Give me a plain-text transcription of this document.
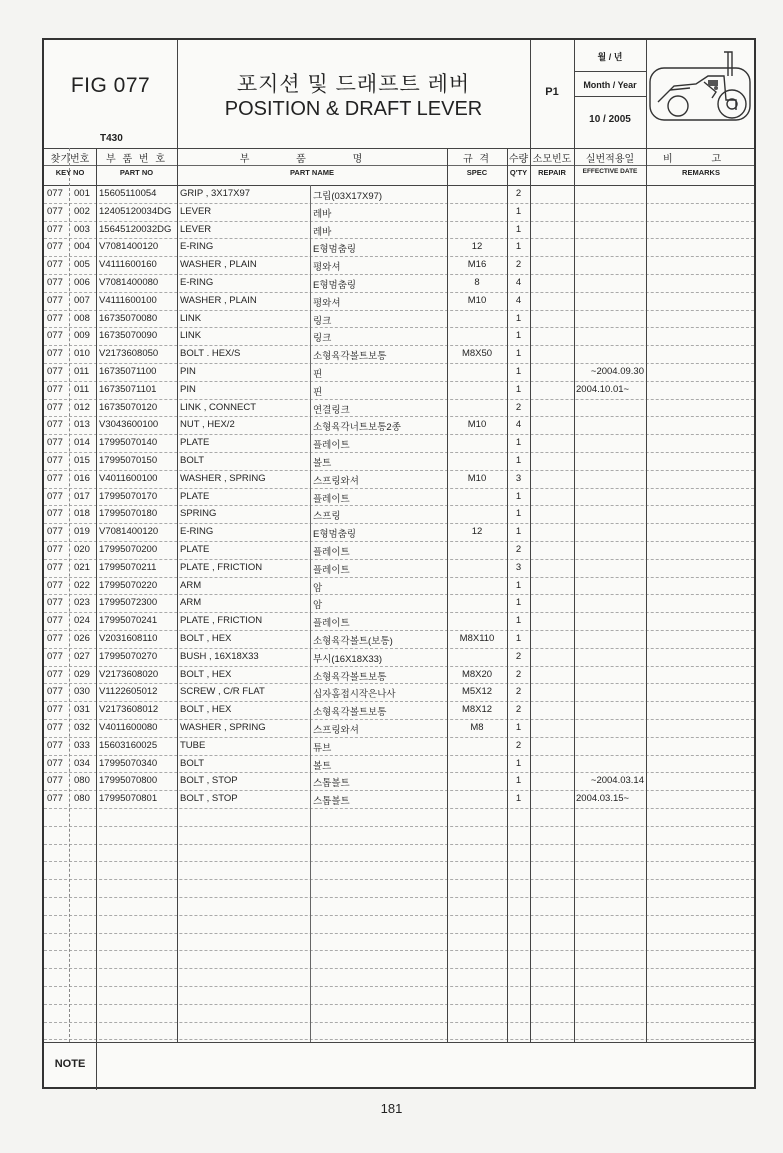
FIG 077
T430
포지션 및 드래프트 레버
POSITION & DRAFT LEVER
P1
월 / 년
Month / Year
10 / 2005
찾기번호
KEY NO
부 품 번 호
PART NO
부 품 명
PART NAME
규 격
SPEC
수량
Q'TY
소모빈도
REPAIR
실번적용일
EFFECTIVE DATE
비 고
REMARKS
077 001 15605110054 GRIP , 3X17X97	그립(03X17X97)	2
077 002 12405120034DG LEVER	레바	1
077 003 15645120032DG LEVER	레바	1
077 004 V7081400120 E-RING	E형멈춤링	12	1
077 005 V4111600160 WASHER , PLAIN	평와셔	M16	2
077 006 V7081400080 E-RING	E형멈춤링	8	4
077 007 V4111600100 WASHER , PLAIN	평와셔	M10	4
077 008 16735070080 LINK	링크	1
077 009 16735070090 LINK	링크	1
077 010 V2173608050 BOLT . HEX/S	소형육각볼트보통	M8X50	1
077 011 16735071100 PIN	핀	1	~2004.09.30
077 011 16735071101 PIN	핀	1	2004.10.01~
077 012 16735070120 LINK , CONNECT	연결링크	2
077 013 V3043600100 NUT , HEX/2	소형육각너트보통2종	M10	4
077 014 17995070140 PLATE	플레이트	1
077 015 17995070150 BOLT	볼트	1
077 016 V4011600100 WASHER , SPRING	스프링와셔	M10	3
077 017 17995070170 PLATE	플레이트	1
077 018 17995070180 SPRING	스프링	1
077 019 V7081400120 E-RING	E형멈춤링	12	1
077 020 17995070200 PLATE	플레이트	2
077 021 17995070211 PLATE , FRICTION	플레이트	3
077 022 17995070220 ARM	암	1
077 023 17995072300 ARM	암	1
077 024 17995070241 PLATE , FRICTION	플레이트	1
077 026 V2031608110 BOLT , HEX	소형육각볼트(보통)	M8X110	1
077 027 17995070270 BUSH , 16X18X33	부시(16X18X33)	2
077 029 V2173608020 BOLT , HEX	소형육각볼트보통	M8X20	2
077 030 V1122605012 SCREW , C/R FLAT	십자홈접시작은나사	M5X12	2
077 031 V2173608012 BOLT , HEX	소형육각볼트보통	M8X12	2
077 032 V4011600080 WASHER , SPRING	스프링와셔	M8	1
077 033 15603160025 TUBE	튜브	2
077 034 17995070340 BOLT	볼트	1
077 080 17995070800 BOLT , STOP	스톱볼트	1	~2004.03.14
077 080 17995070801 BOLT , STOP	스톱볼트	1	2004.03.15~
NOTE
181
